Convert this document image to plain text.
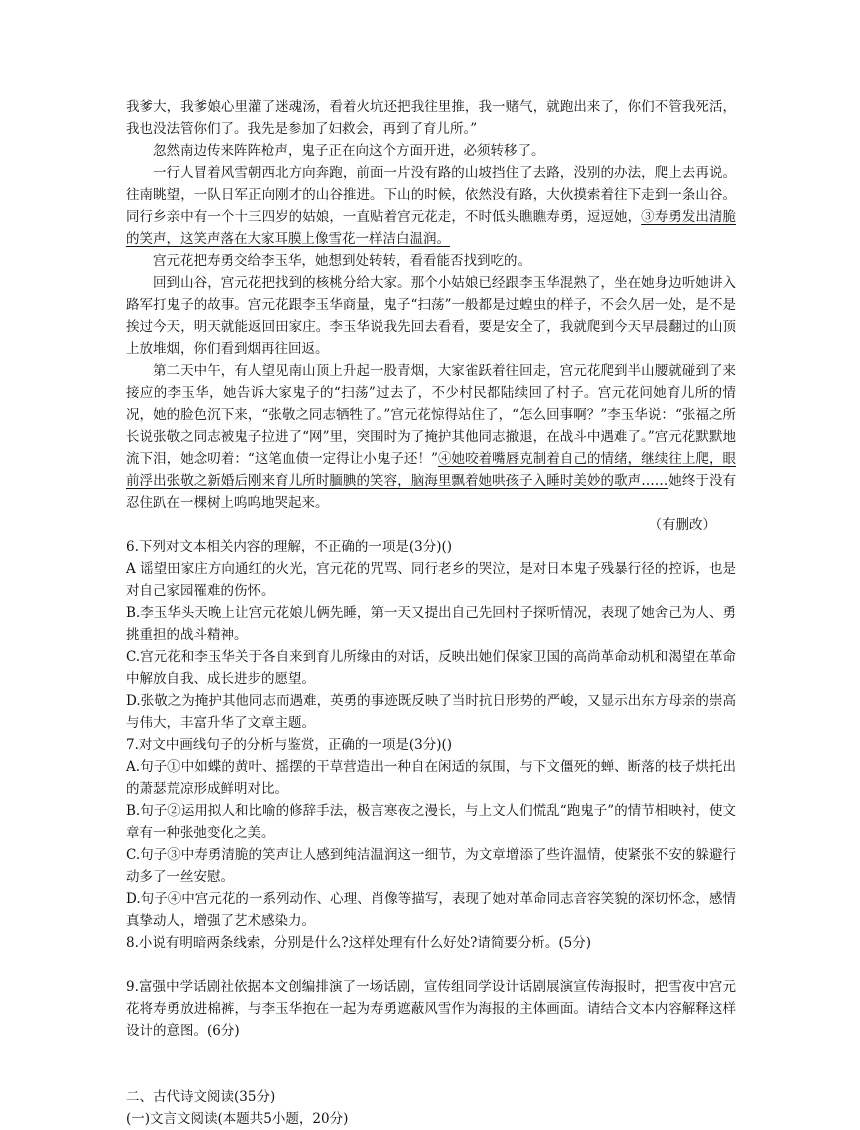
我爹大，我爹娘心里灌了迷魂汤，看着火坑还把我往里推，我一赌气，就跑出来了，你们不管我死活，我也没法管你们了。我先是参加了妇救会，再到了育儿所。”

忽然南边传来阵阵枪声，鬼子正在向这个方面开进，必须转移了。

一行人冒着风雪朝西北方向奔跑，前面一片没有路的山坡挡住了去路，没别的办法，爬上去再说。往南眺望，一队日军正向刚才的山谷推进。下山的时候，依然没有路，大伙摸索着往下走到一条山谷。同行乡亲中有一个十三四岁的姑娘，一直贴着宫元花走，不时低头瞧瞧寿勇，逗逗她，③寿勇发出清脆的笑声，这笑声落在大家耳膜上像雪花一样洁白温润。

宫元花把寿勇交给李玉华，她想到处转转，看看能否找到吃的。

回到山谷，宫元花把找到的核桃分给大家。那个小姑娘已经跟李玉华混熟了，坐在她身边听她讲入路军打鬼子的故事。宫元花跟李玉华商量，鬼子“扫荡”一般都是过蝗虫的样子，不会久居一处，是不是挨过今天，明天就能返回田家庄。李玉华说我先回去看看，要是安全了，我就爬到今天早晨翻过的山顶上放堆烟，你们看到烟再往回返。

第二天中午，有人望见南山顶上升起一股青烟，大家雀跃着往回走，宫元花爬到半山腰就碰到了来接应的李玉华，她告诉大家鬼子的“扫荡”过去了，不少村民都陆续回了村子。宫元花问她育儿所的情况，她的脸色沉下来，“张敬之同志牺牲了。”宫元花惊得站住了，“怎么回事啊？”李玉华说：“张福之所长说张敬之同志被鬼子拉进了“网”里，突围时为了掩护其他同志撤退，在战斗中遇难了。”宫元花默默地流下泪，她念叨着：“这笔血债一定得让小鬼子还！”④她咬着嘴唇克制着自己的情绪，继续往上爬，眼前浮出张敬之新婚后刚来育儿所时腼腆的笑容，脑海里飘着她哄孩子入睡时美妙的歌声……她终于没有忍住趴在一棵树上呜呜地哭起来。

（有删改）

6.下列对文本相关内容的理解，不正确的一项是(3分)()

A 谣望田家庄方向通红的火光，宫元花的咒骂、同行老乡的哭泣，是对日本鬼子残暴行径的控诉，也是对自己家园罹难的伤怀。

B.李玉华头天晚上让宫元花娘儿俩先睡，第一天又提出自己先回村子探听情况，表现了她舍己为人、勇挑重担的战斗精神。

C.宫元花和李玉华关于各自来到育儿所缘由的对话，反映出她们保家卫国的高尚革命动机和渴望在革命中解放自我、成长进步的愿望。

D.张敬之为掩护其他同志而遇难，英勇的事迹既反映了当时抗日形势的严峻，又显示出东方母亲的崇高与伟大，丰富升华了文章主题。

7.对文中画线句子的分析与鉴赏，正确的一项是(3分)()

A.句子①中如蝶的黄叶、摇摆的干草营造出一种自在闲适的氛围，与下文僵死的蝉、断落的枝子烘托出的萧瑟荒凉形成鲜明对比。

B.句子②运用拟人和比喻的修辞手法，极言寒夜之漫长，与上文人们慌乱“跑鬼子”的情节相映衬，使文章有一种张弛变化之美。

C.句子③中寿勇清脆的笑声让人感到纯洁温润这一细节，为文章增添了些许温情，使紧张不安的躲避行动多了一丝安慰。

D.句子④中宫元花的一系列动作、心理、肖像等描写，表现了她对革命同志音容笑貌的深切怀念，感情真挚动人，增强了艺术感染力。

8.小说有明暗两条线索，分别是什么?这样处理有什么好处?请简要分析。(5分)

9.富强中学话剧社依据本文创编排演了一场话剧，宣传组同学设计话剧展演宣传海报时，把雪夜中宫元花将寿勇放进棉裤，与李玉华抱在一起为寿勇遮蔽风雪作为海报的主体画面。请结合文本内容解释这样设计的意图。(6分)

二、古代诗文阅读(35分)

(一)文言文阅读(本题共5小题，20分)
